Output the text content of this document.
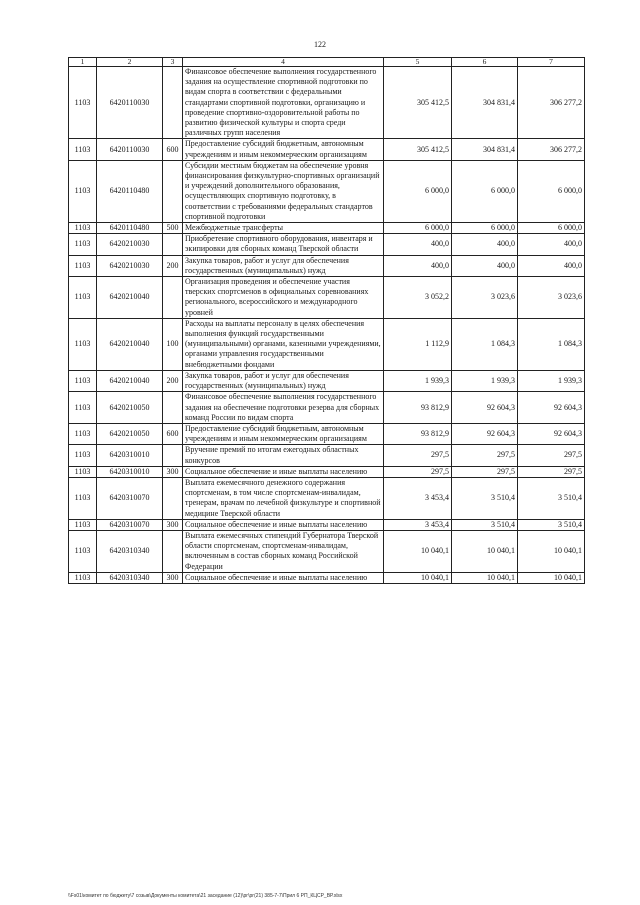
122
1	2	3	4	5	6	7
1103	6420110030		Финансовое обеспечение выполнения государственного задания на осуществление спортивной подготовки по видам спорта в соответствии с федеральными стандартами спортивной подготовки, организацию и проведение спортивно-оздоровительной работы по развитию физической культуры и спорта среди различных групп населения	305 412,5	304 831,4	306 277,2
1103	6420110030	600	Предоставление субсидий бюджетным, автономным учреждениям и иным некоммерческим организациям	305 412,5	304 831,4	306 277,2
1103	6420110480		Субсидии местным бюджетам на обеспечение уровня финансирования физкультурно-спортивных организаций и учреждений дополнительного образования, осуществляющих спортивную подготовку, в соответствии с требованиями федеральных стандартов спортивной подготовки	6 000,0	6 000,0	6 000,0
1103	6420110480	500	Межбюджетные трансферты	6 000,0	6 000,0	6 000,0
1103	6420210030		Приобретение спортивного оборудования, инвентаря и экипировки для сборных команд Тверской области	400,0	400,0	400,0
1103	6420210030	200	Закупка товаров, работ и услуг для обеспечения государственных (муниципальных) нужд	400,0	400,0	400,0
1103	6420210040		Организация проведения и обеспечение участия тверских спортсменов в официальных соревнованиях регионального, всероссийского и международного уровней	3 052,2	3 023,6	3 023,6
1103	6420210040	100	Расходы на выплаты персоналу в целях обеспечения выполнения функций государственными (муниципальными) органами, казенными учреждениями, органами управления государственными внебюджетными фондами	1 112,9	1 084,3	1 084,3
1103	6420210040	200	Закупка товаров, работ и услуг для обеспечения государственных (муниципальных) нужд	1 939,3	1 939,3	1 939,3
1103	6420210050		Финансовое обеспечение выполнения государственного задания на обеспечение подготовки резерва для сборных команд России по видам спорта	93 812,9	92 604,3	92 604,3
1103	6420210050	600	Предоставление субсидий бюджетным, автономным учреждениям и иным некоммерческим организациям	93 812,9	92 604,3	92 604,3
1103	6420310010		Вручение премий по итогам ежегодных областных конкурсов	297,5	297,5	297,5
1103	6420310010	300	Социальное обеспечение и иные выплаты населению	297,5	297,5	297,5
1103	6420310070		Выплата ежемесячного денежного содержания спортсменам, в том числе спортсменам-инвалидам, тренерам, врачам по лечебной физкультуре и спортивной медицине Тверской области	3 453,4	3 510,4	3 510,4
1103	6420310070	300	Социальное обеспечение и иные выплаты населению	3 453,4	3 510,4	3 510,4
1103	6420310340		Выплата ежемесячных стипендий Губернатора Тверской области спортсменам, спортсменам-инвалидам, включенным в состав сборных команд Российской Федерации	10 040,1	10 040,1	10 040,1
1103	6420310340	300	Социальное обеспечение и иные выплаты населению	10 040,1	10 040,1	10 040,1
\\Fs01\комитет по бюджету\7 созыв\Документы комитета\21 заседание (12)\рг\рг(21) 385-7-7\Прил 6 РП_КЦСР_ВР.xlsx
